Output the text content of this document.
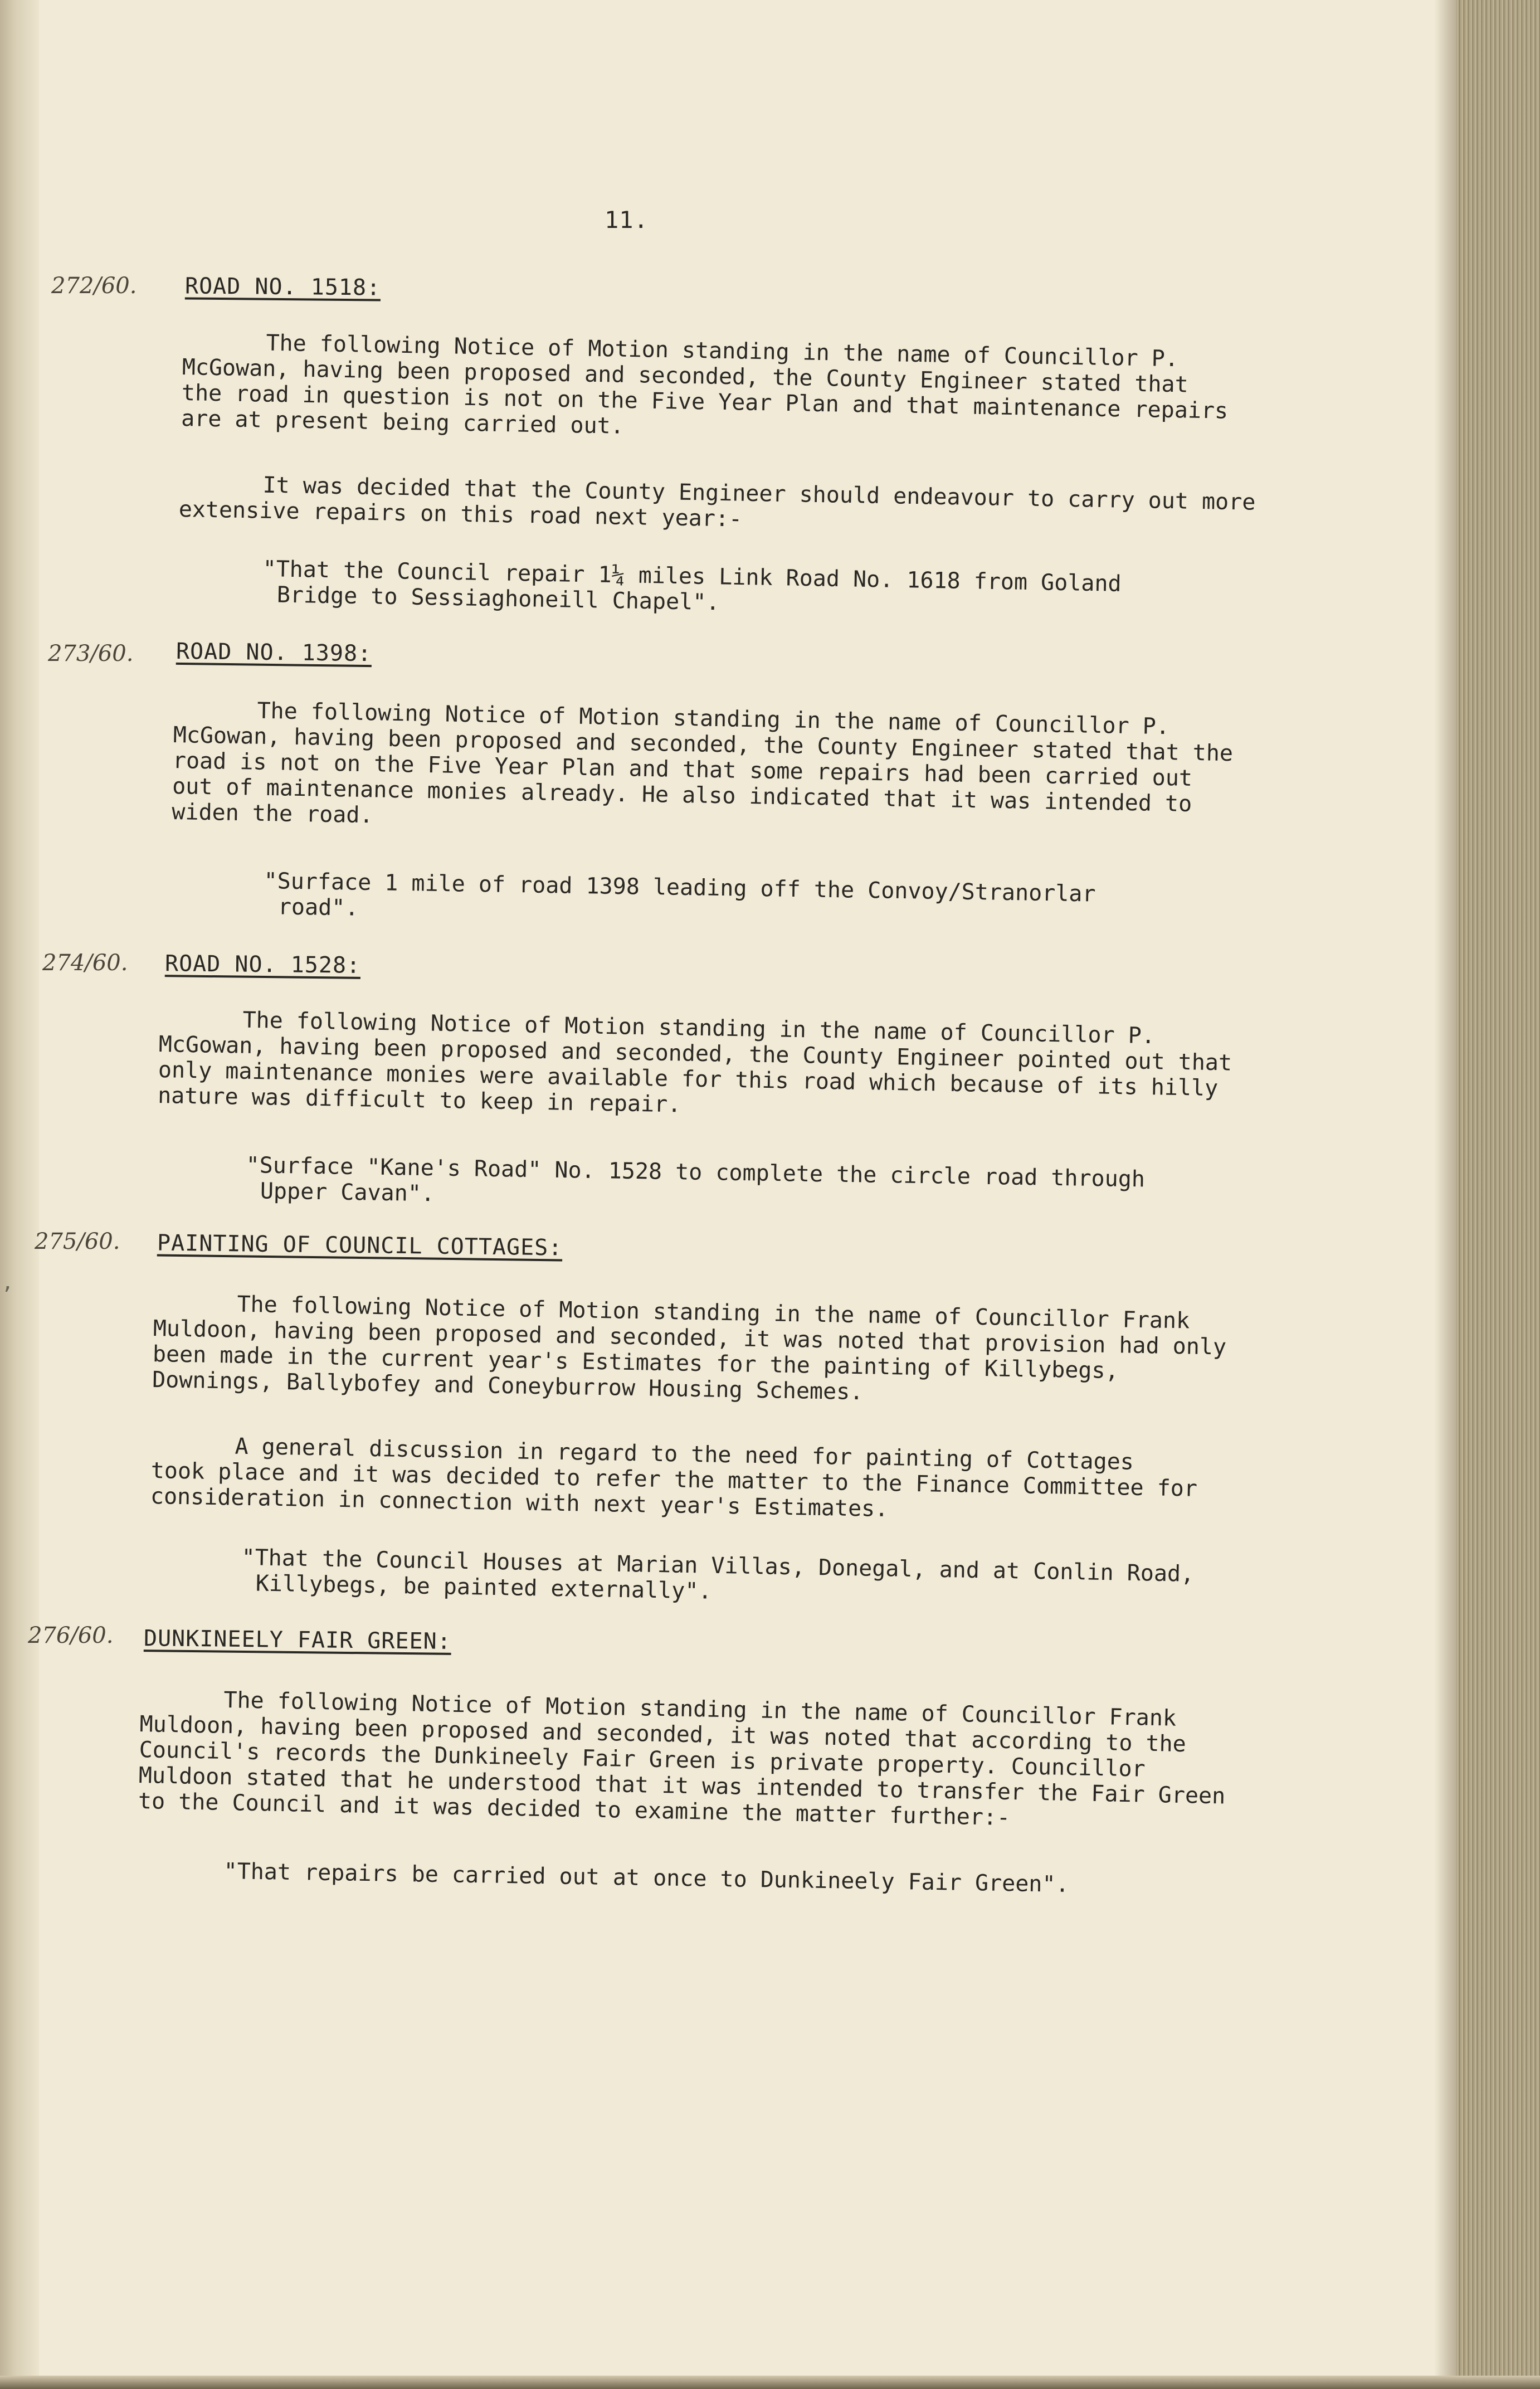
11.
272/60. ROAD NO. 1518:
The following Notice of Motion standing in the name of Councillor P. McGowan, having been proposed and seconded, the County Engineer stated that the road in question is not on the Five Year Plan and that maintenance repairs are at present being carried out.
It was decided that the County Engineer should endeavour to carry out more extensive repairs on this road next year:-
"That the Council repair 1¼ miles Link Road No. 1618 from Goland Bridge to Sessiaghoneill Chapel".
273/60. ROAD NO. 1398:
The following Notice of Motion standing in the name of Councillor P. McGowan, having been proposed and seconded, the County Engineer stated that the road is not on the Five Year Plan and that some repairs had been carried out out of maintenance monies already. He also indicated that it was intended to widen the road.
"Surface 1 mile of road 1398 leading off the Convoy/Stranorlar road".
274/60. ROAD NO. 1528:
The following Notice of Motion standing in the name of Councillor P. McGowan, having been proposed and seconded, the County Engineer pointed out that only maintenance monies were available for this road which because of its hilly nature was difficult to keep in repair.
"Surface "Kane's Road" No. 1528 to complete the circle road through Upper Cavan".
275/60. PAINTING OF COUNCIL COTTAGES:
The following Notice of Motion standing in the name of Councillor Frank Muldoon, having been proposed and seconded, it was noted that provision had only been made in the current year's Estimates for the painting of Killybegs, Downings, Ballybofey and Coneyburrow Housing Schemes.
A general discussion in regard to the need for painting of Cottages took place and it was decided to refer the matter to the Finance Committee for consideration in connection with next year's Estimates.
"That the Council Houses at Marian Villas, Donegal, and at Conlin Road, Killybegs, be painted externally".
276/60. DUNKINEELY FAIR GREEN:
The following Notice of Motion standing in the name of Councillor Frank Muldoon, having been proposed and seconded, it was noted that according to the Council's records the Dunkineely Fair Green is private property. Councillor Muldoon stated that he understood that it was intended to transfer the Fair Green to the Council and it was decided to examine the matter further:-
"That repairs be carried out at once to Dunkineely Fair Green".
’
